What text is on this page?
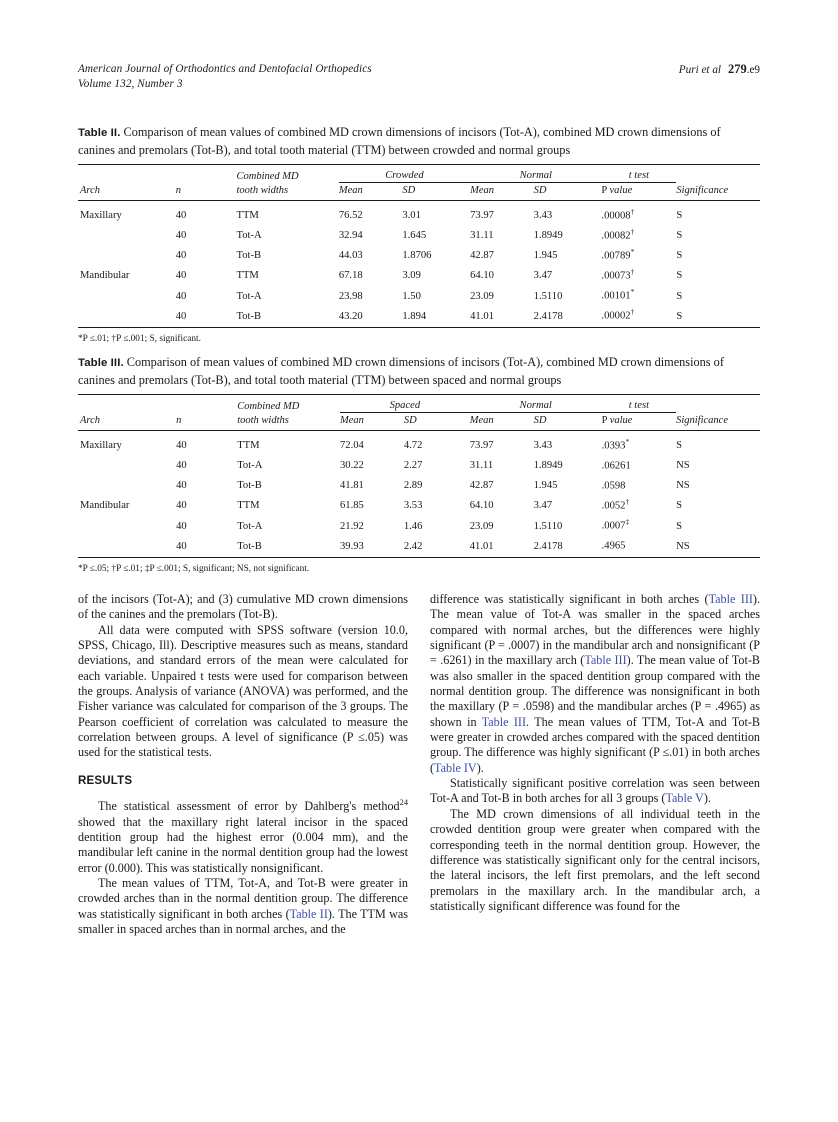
American Journal of Orthodontics and Dentofacial Orthopedics
Volume 132, Number 3
Puri et al 279.e9

Table II. Comparison of mean values of combined MD crown dimensions of incisors (Tot-A), combined MD crown dimensions of canines and premolars (Tot-B), and total tooth material (TTM) between crowded and normal groups

		Combined MD	Crowded		Normal		t test	
Arch	n	tooth widths	Mean	SD	Mean	SD	P value	Significance
Maxillary	40	TTM	76.52	3.01	73.97	3.43	.00008†	S
	40	Tot-A	32.94	1.645	31.11	1.8949	.00082†	S
	40	Tot-B	44.03	1.8706	42.87	1.945	.00789*	S
Mandibular	40	TTM	67.18	3.09	64.10	3.47	.00073†	S
	40	Tot-A	23.98	1.50	23.09	1.5110	.00101*	S
	40	Tot-B	43.20	1.894	41.01	2.4178	.00002†	S
*P ≤.01; †P ≤.001; S, significant.

Table III. Comparison of mean values of combined MD crown dimensions of incisors (Tot-A), combined MD crown dimensions of canines and premolars (Tot-B), and total tooth material (TTM) between spaced and normal groups

		Combined MD	Spaced		Normal		t test	
Arch	n	tooth widths	Mean	SD	Mean	SD	P value	Significance
Maxillary	40	TTM	72.04	4.72	73.97	3.43	.0393*	S
	40	Tot-A	30.22	2.27	31.11	1.8949	.06261	NS
	40	Tot-B	41.81	2.89	42.87	1.945	.0598	NS
Mandibular	40	TTM	61.85	3.53	64.10	3.47	.0052†	S
	40	Tot-A	21.92	1.46	23.09	1.5110	.0007‡	S
	40	Tot-B	39.93	2.42	41.01	2.4178	.4965	NS
*P ≤.05; †P ≤.01; ‡P ≤.001; S, significant; NS, not significant.

of the incisors (Tot-A); and (3) cumulative MD crown dimensions of the canines and the premolars (Tot-B).

All data were computed with SPSS software (version 10.0, SPSS, Chicago, Ill). Descriptive measures such as means, standard deviations, and standard errors of the mean were calculated for each variable. Unpaired t tests were used for comparison between the groups. Analysis of variance (ANOVA) was performed, and the Fisher variance was calculated for comparison of the 3 groups. The Pearson coefficient of correlation was calculated to measure the correlation between groups. A level of significance (P ≤.05) was used for the statistical tests.

RESULTS

The statistical assessment of error by Dahlberg's method$^{24}$ showed that the maxillary right lateral incisor in the spaced dentition group had the highest error (0.004 mm), and the mandibular left canine in the normal dentition group had the lowest error (0.000). This was statistically nonsignificant.

The mean values of TTM, Tot-A, and Tot-B were greater in crowded arches than in the normal dentition group. The difference was statistically significant in both arches (Table II). The TTM was smaller in spaced arches than in normal arches, and the

difference was statistically significant in both arches (Table III). The mean value of Tot-A was smaller in the spaced arches compared with normal arches, but the differences were highly significant (P = .0007) in the mandibular arch and nonsignificant (P = .6261) in the maxillary arch (Table III). The mean value of Tot-B was also smaller in the spaced dentition group compared with the normal dentition group. The difference was nonsignificant in both the maxillary (P = .0598) and the mandibular arches (P = .4965) as shown in Table III. The mean values of TTM, Tot-A and Tot-B were greater in crowded arches compared with the spaced dentition group. The difference was highly significant (P ≤.01) in both arches (Table IV).

Statistically significant positive correlation was seen between Tot-A and Tot-B in both arches for all 3 groups (Table V).

The MD crown dimensions of all individual teeth in the crowded dentition group were greater when compared with the corresponding teeth in the normal dentition group. However, the difference was statistically significant only for the central incisors, the lateral incisors, the left first premolars, and the left second premolars in the maxillary arch. In the mandibular arch, a statistically significant difference was found for the
